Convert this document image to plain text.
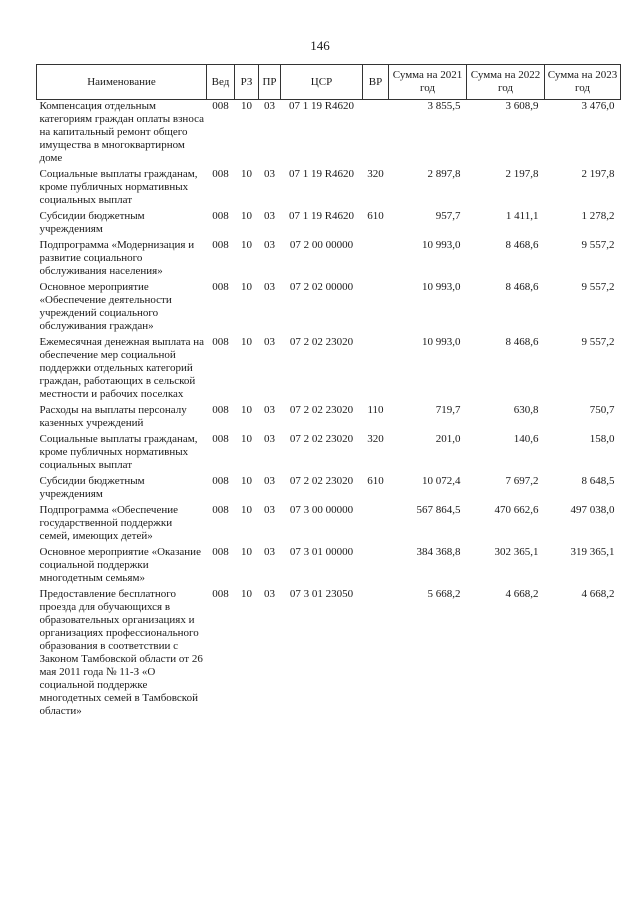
146
Наименование	Вед	РЗ	ПР	ЦСР	ВР	Сумма на 2021 год	Сумма на 2022 год	Сумма на 2023 год
Компенсация отдельным категориям граждан оплаты взноса на капитальный ремонт общего имущества в многоквартирном доме	008	10	03	07 1 19 R4620		3 855,5	3 608,9	3 476,0
Социальные выплаты гражданам, кроме публичных нормативных социальных выплат	008	10	03	07 1 19 R4620	320	2 897,8	2 197,8	2 197,8
Субсидии бюджетным учреждениям	008	10	03	07 1 19 R4620	610	957,7	1 411,1	1 278,2
Подпрограмма «Модернизация и развитие социального обслуживания населения»	008	10	03	07 2 00 00000		10 993,0	8 468,6	9 557,2
Основное мероприятие «Обеспечение деятельности учреждений социального обслуживания граждан»	008	10	03	07 2 02 00000		10 993,0	8 468,6	9 557,2
Ежемесячная денежная выплата на обеспечение мер социальной поддержки отдельных категорий граждан, работающих в сельской местности и рабочих поселках	008	10	03	07 2 02 23020		10 993,0	8 468,6	9 557,2
Расходы на выплаты персоналу казенных учреждений	008	10	03	07 2 02 23020	110	719,7	630,8	750,7
Социальные выплаты гражданам, кроме публичных нормативных социальных выплат	008	10	03	07 2 02 23020	320	201,0	140,6	158,0
Субсидии бюджетным учреждениям	008	10	03	07 2 02 23020	610	10 072,4	7 697,2	8 648,5
Подпрограмма «Обеспечение государственной поддержки семей, имеющих детей»	008	10	03	07 3 00 00000		567 864,5	470 662,6	497 038,0
Основное мероприятие «Оказание социальной поддержки многодетным семьям»	008	10	03	07 3 01 00000		384 368,8	302 365,1	319 365,1
Предоставление бесплатного проезда для обучающихся в образовательных организациях и организациях профессионального образования в соответствии с Законом Тамбовской области от 26 мая 2011 года № 11-З «О социальной поддержке многодетных семей в Тамбовской области»	008	10	03	07 3 01 23050		5 668,2	4 668,2	4 668,2
